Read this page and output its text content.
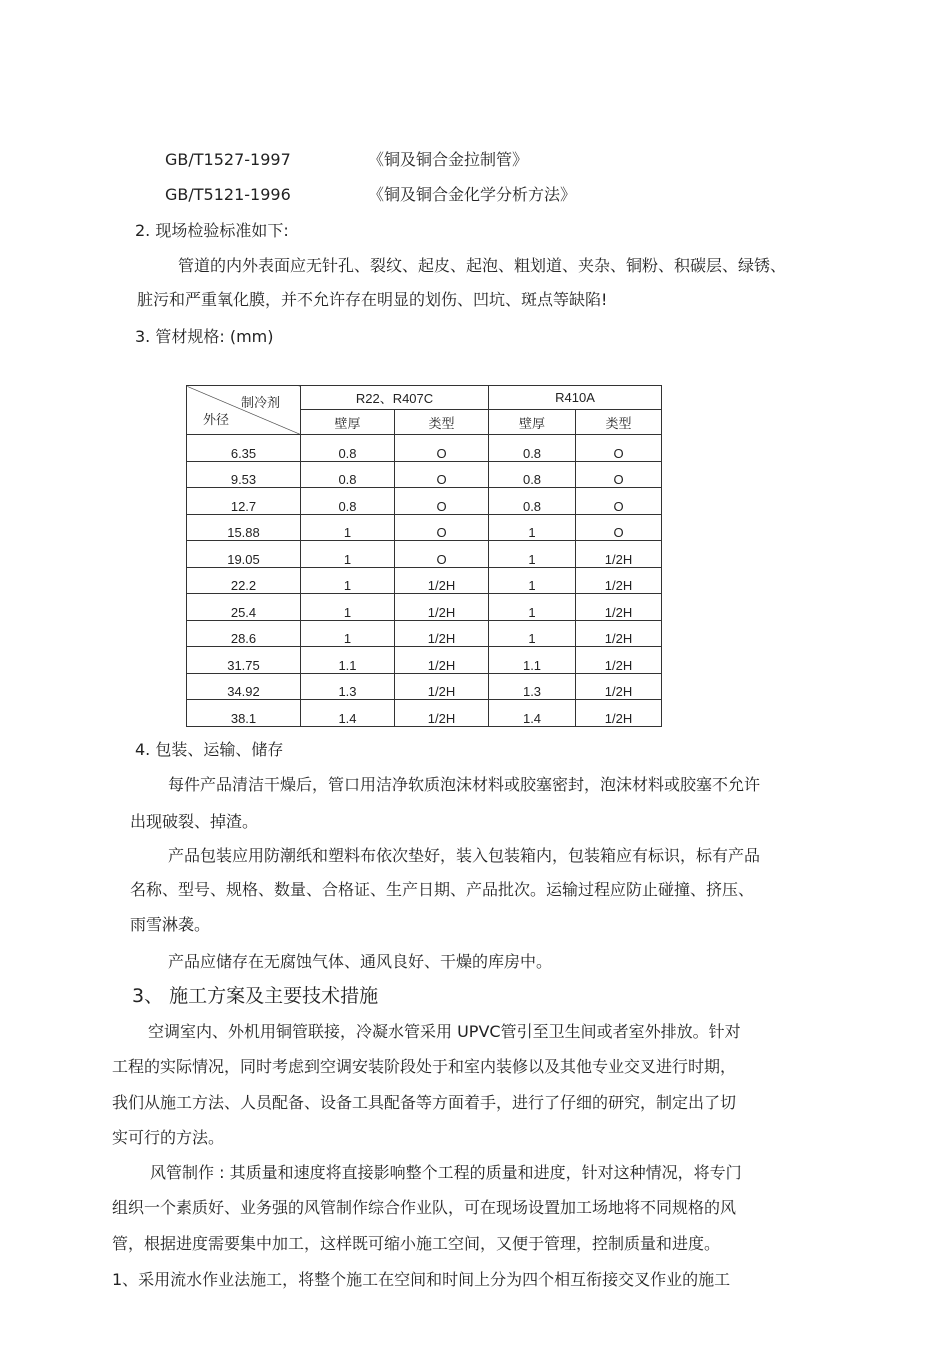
GB/T1527-1997	《铜及铜合金拉制管》
GB/T5121-1996	《铜及铜合金化学分析方法》
2. 现场检验标准如下:
管道的内外表面应无针孔、裂纹、起皮、起泡、粗划道、夹杂、铜粉、积碳层、绿锈、
脏污和严重氧化膜，并不允许存在明显的划伤、凹坑、斑点等缺陷!
3. 管材规格: (mm)
制冷剂
外径	R22、R407C		R410A	
	壁厚	类型	壁厚	类型
6.35	0.8	O	0.8	O
9.53	0.8	O	0.8	O
12.7	0.8	O	0.8	O
15.88	1	O	1	O
19.05	1	O	1	1/2H
22.2	1	1/2H	1	1/2H
25.4	1	1/2H	1	1/2H
28.6	1	1/2H	1	1/2H
31.75	1.1	1/2H	1.1	1/2H
34.92	1.3	1/2H	1.3	1/2H
38.1	1.4	1/2H	1.4	1/2H
4. 包装、运输、储存
每件产品清洁干燥后，管口用洁净软质泡沫材料或胶塞密封，泡沫材料或胶塞不允许
出现破裂、掉渣。
产品包装应用防潮纸和塑料布依次垫好，装入包装箱内，包装箱应有标识，标有产品
名称、型号、规格、数量、合格证、生产日期、产品批次。运输过程应防止碰撞、挤压、
雨雪淋袭。
产品应储存在无腐蚀气体、通风良好、干燥的库房中。
3、 施工方案及主要技术措施
空调室内、外机用铜管联接，冷凝水管采用 UPVC管引至卫生间或者室外排放。针对
工程的实际情况，同时考虑到空调安装阶段处于和室内装修以及其他专业交叉进行时期，
我们从施工方法、人员配备、设备工具配备等方面着手，进行了仔细的研究，制定出了切
实可行的方法。
风管制作 : 其质量和速度将直接影响整个工程的质量和进度，针对这种情况，将专门
组织一个素质好、业务强的风管制作综合作业队，可在现场设置加工场地将不同规格的风
管，根据进度需要集中加工，这样既可缩小施工空间，又便于管理，控制质量和进度。
1、采用流水作业法施工，将整个施工在空间和时间上分为四个相互衔接交叉作业的施工
